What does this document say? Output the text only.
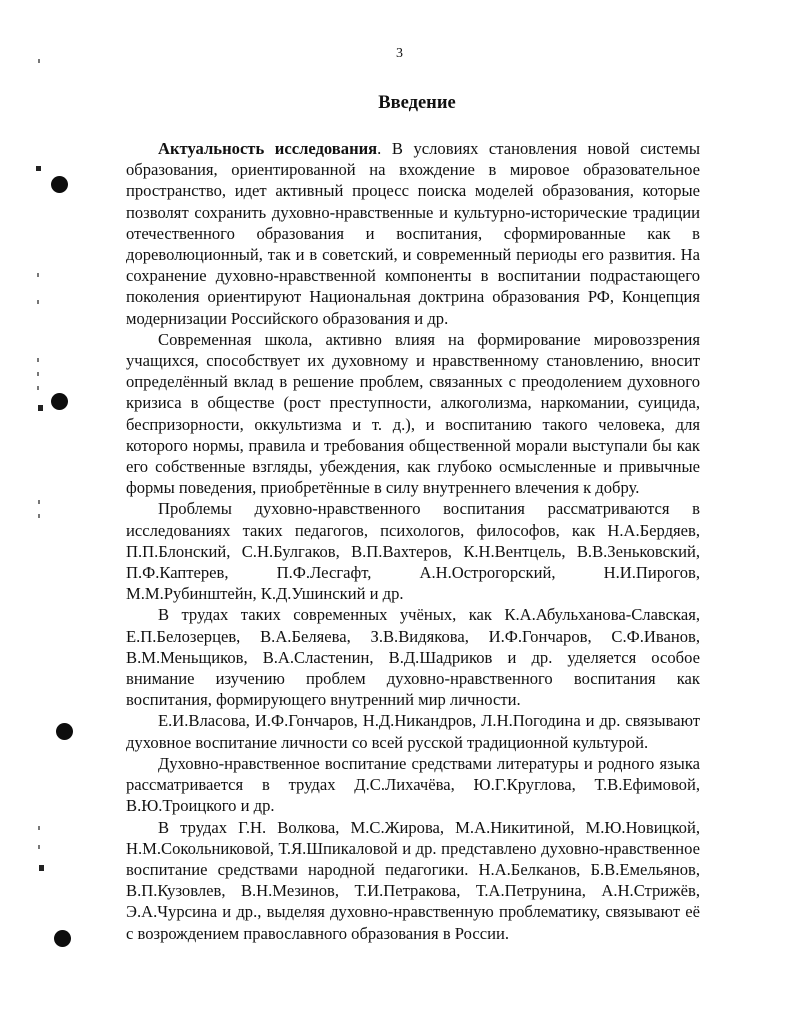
3
Введение

Актуальность исследования. В условиях становления новой системы образования, ориентированной на вхождение в мировое образовательное пространство, идет активный процесс поиска моделей образования, которые позволят сохранить духовно-нравственные и культурно-исторические традиции отечественного образования и воспитания, сформированные как в дореволюционный, так и в советский, и современный периоды его развития. На сохранение духовно-нравственной компоненты в воспитании подрастающего поколения ориентируют Национальная доктрина образования РФ, Концепция модернизации Российского образования и др.

Современная школа, активно влияя на формирование мировоззрения учащихся, способствует их духовному и нравственному становлению, вносит определённый вклад в решение проблем, связанных с преодолением духовного кризиса в обществе (рост преступности, алкоголизма, наркомании, суицида, беспризорности, оккультизма и т. д.), и воспитанию такого человека, для которого нормы, правила и требования общественной морали выступали бы как его собственные взгляды, убеждения, как глубоко осмысленные и привычные формы поведения, приобретённые в силу внутреннего влечения к добру.

Проблемы духовно-нравственного воспитания рассматриваются в исследованиях таких педагогов, психологов, философов, как Н.А.Бердяев, П.П.Блонский, С.Н.Булгаков, В.П.Вахтеров, К.Н.Вентцель, В.В.Зеньковский, П.Ф.Каптерев, П.Ф.Лесгафт, А.Н.Острогорский, Н.И.Пирогов, М.М.Рубинштейн, К.Д.Ушинский и др.

В трудах таких современных учёных, как К.А.Абульханова-Славская, Е.П.Белозерцев, В.А.Беляева, З.В.Видякова, И.Ф.Гончаров, С.Ф.Иванов, В.М.Меньщиков, В.А.Сластенин, В.Д.Шадриков и др. уделяется особое внимание изучению проблем духовно-нравственного воспитания как воспитания, формирующего внутренний мир личности.

Е.И.Власова, И.Ф.Гончаров, Н.Д.Никандров, Л.Н.Погодина и др. связывают духовное воспитание личности со всей русской традиционной культурой.

Духовно-нравственное воспитание средствами литературы и родного языка рассматривается в трудах Д.С.Лихачёва, Ю.Г.Круглова, Т.В.Ефимовой, В.Ю.Троицкого и др.

В трудах Г.Н. Волкова, М.С.Жирова, М.А.Никитиной, М.Ю.Новицкой, Н.М.Сокольниковой, Т.Я.Шпикаловой и др. представлено духовно-нравственное воспитание средствами народной педагогики. Н.А.Белканов, Б.В.Емельянов, В.П.Кузовлев, В.Н.Мезинов, Т.И.Петракова, Т.А.Петрунина, А.Н.Стрижёв, Э.А.Чурсина и др., выделяя духовно-нравственную проблематику, связывают её с возрождением православного образования в России.
